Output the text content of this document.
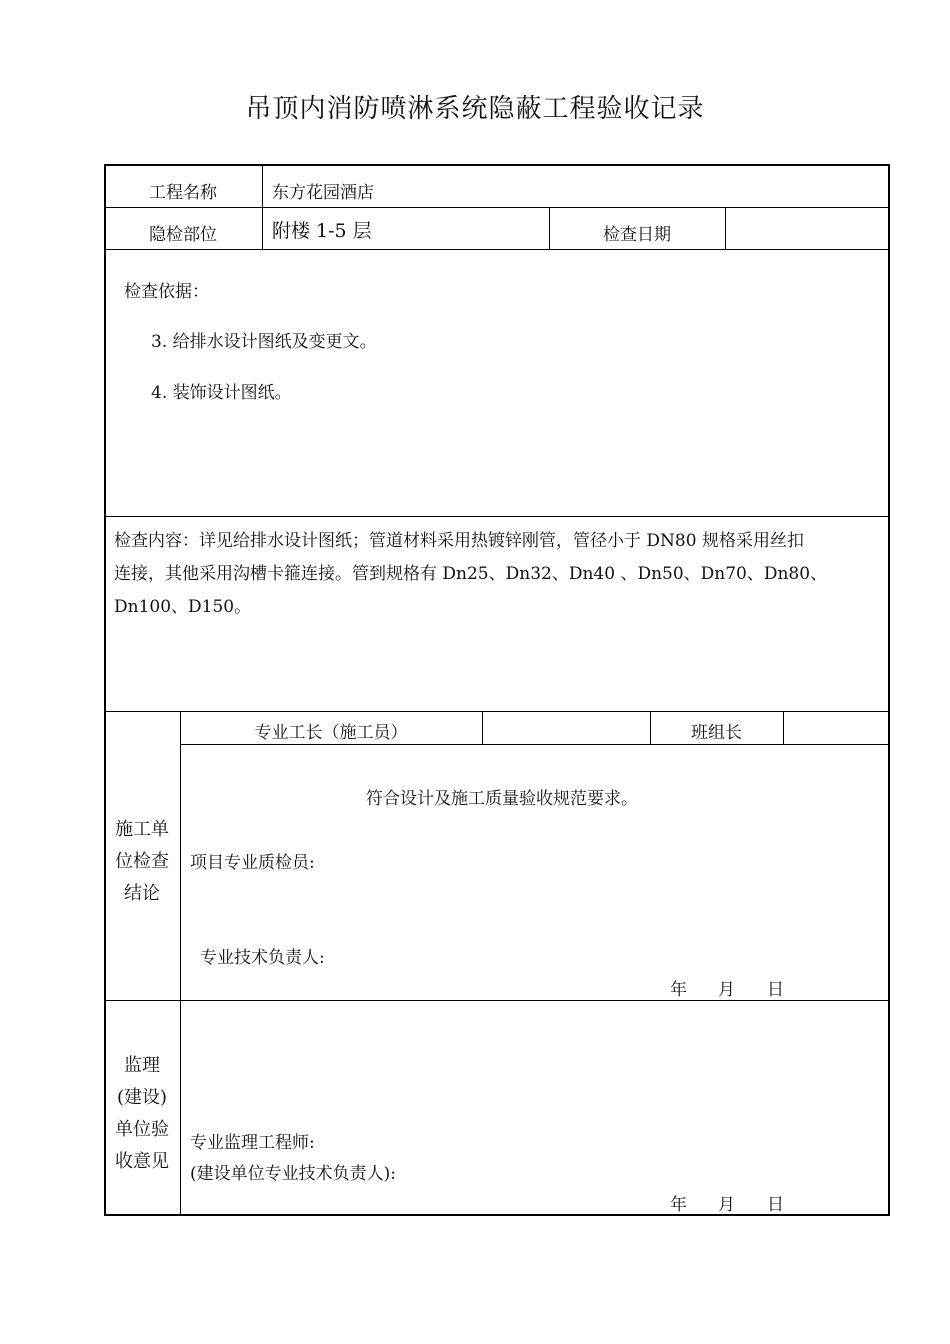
吊顶内消防喷淋系统隐蔽工程验收记录
工程名称	东方花园酒店
隐检部位	附楼 1-5 层	检查日期
检查依据：
3. 给排水设计图纸及变更文。
4. 装饰设计图纸。
检查内容：详见给排水设计图纸；管道材料采用热镀锌刚管，管径小于 DN80 规格采用丝扣
连接，其他采用沟槽卡箍连接。管到规格有 Dn25、Dn32、Dn40 、Dn50、Dn70、Dn80、
Dn100、D150。
施工单
位检查
结论
专业工长（施工员）	班组长
符合设计及施工质量验收规范要求。
项目专业质检员:
专业技术负责人:
年 月 日
监理
(建设)
单位验
收意见
专业监理工程师:
(建设单位专业技术负责人):
年 月 日
